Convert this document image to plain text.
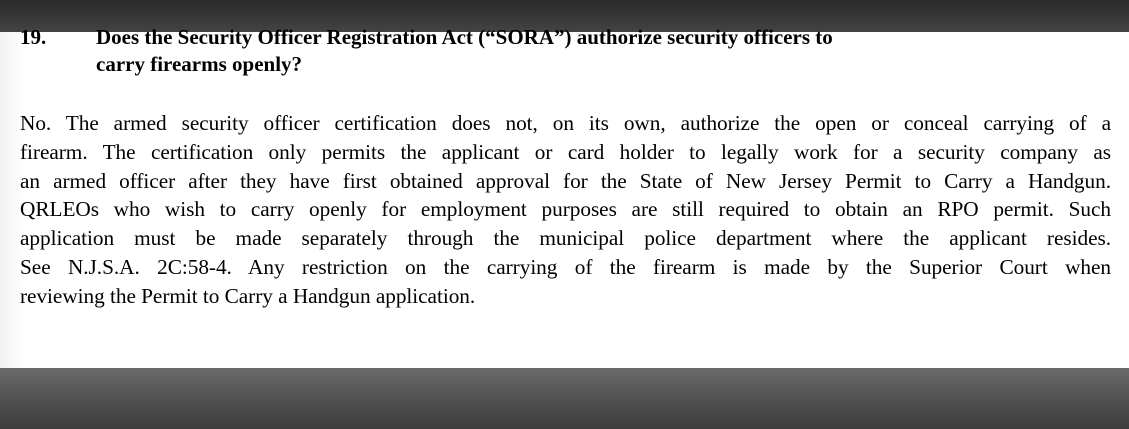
19.	Does the Security Officer Registration Act (“SORA”) authorize security officers to
carry firearms openly?
No. The armed security officer certification does not, on its own, authorize the open or conceal carrying of a
firearm. The certification only permits the applicant or card holder to legally work for a security company as
an armed officer after they have first obtained approval for the State of New Jersey Permit to Carry a Handgun.
QRLEOs who wish to carry openly for employment purposes are still required to obtain an RPO permit. Such
application must be made separately through the municipal police department where the applicant resides.
See N.J.S.A. 2C:58-4. Any restriction on the carrying of the firearm is made by the Superior Court when
reviewing the Permit to Carry a Handgun application.
